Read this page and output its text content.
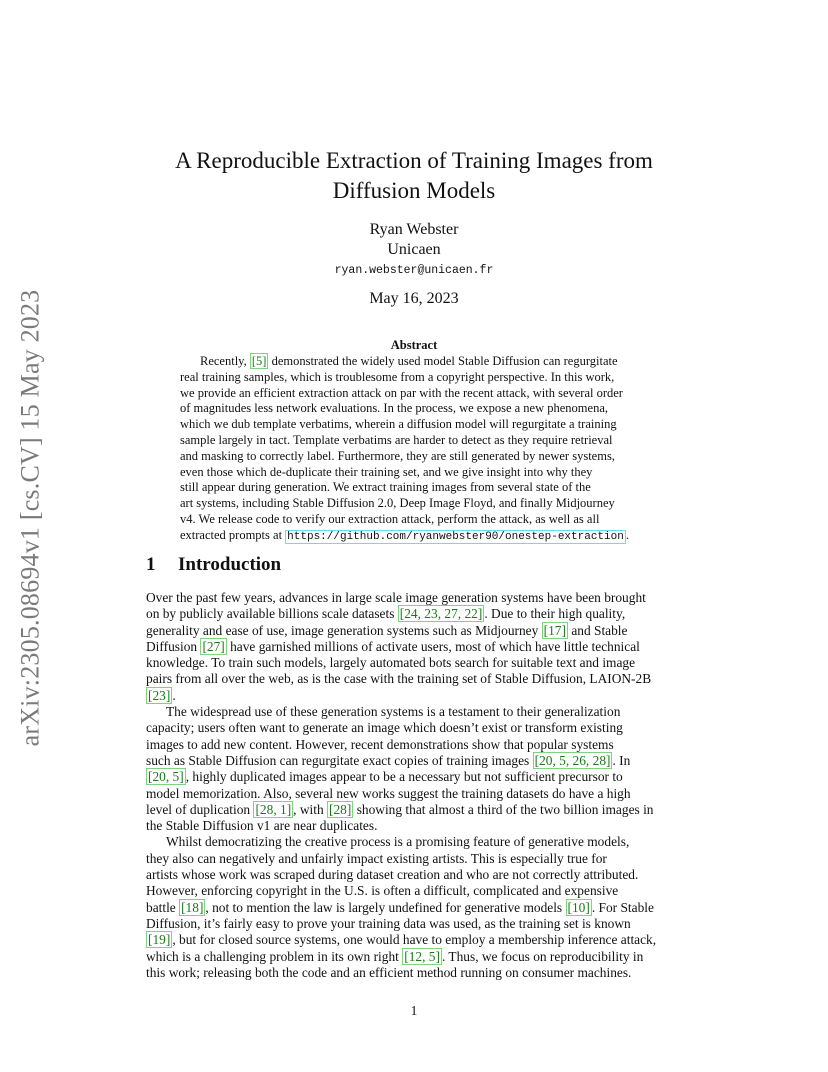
arXiv:2305.08694v1 [cs.CV] 15 May 2023
A Reproducible Extraction of Training Images from
Diffusion Models
Ryan Webster
Unicaen
ryan.webster@unicaen.fr
May 16, 2023
Abstract
Recently, [5] demonstrated the widely used model Stable Diffusion can regurgitate
real training samples, which is troublesome from a copyright perspective. In this work,
we provide an efficient extraction attack on par with the recent attack, with several order
of magnitudes less network evaluations. In the process, we expose a new phenomena,
which we dub template verbatims, wherein a diffusion model will regurgitate a training
sample largely in tact. Template verbatims are harder to detect as they require retrieval
and masking to correctly label. Furthermore, they are still generated by newer systems,
even those which de-duplicate their training set, and we give insight into why they
still appear during generation. We extract training images from several state of the
art systems, including Stable Diffusion 2.0, Deep Image Floyd, and finally Midjourney
v4. We release code to verify our extraction attack, perform the attack, as well as all
extracted prompts at https://github.com/ryanwebster90/onestep-extraction .
1 Introduction
Over the past few years, advances in large scale image generation systems have been brought
on by publicly available billions scale datasets [24, 23, 27, 22] . Due to their high quality,
generality and ease of use, image generation systems such as Midjourney [17] and Stable
Diffusion [27] have garnished millions of activate users, most of which have little technical
knowledge. To train such models, largely automated bots search for suitable text and image
pairs from all over the web, as is the case with the training set of Stable Diffusion, LAION-2B
[23] .
The widespread use of these generation systems is a testament to their generalization
capacity; users often want to generate an image which doesn’t exist or transform existing
images to add new content. However, recent demonstrations show that popular systems
such as Stable Diffusion can regurgitate exact copies of training images [20, 5, 26, 28] . In
[20, 5] , highly duplicated images appear to be a necessary but not sufficient precursor to
model memorization. Also, several new works suggest the training datasets do have a high
level of duplication [28, 1] , with [28] showing that almost a third of the two billion images in
the Stable Diffusion v1 are near duplicates.
Whilst democratizing the creative process is a promising feature of generative models,
they also can negatively and unfairly impact existing artists. This is especially true for
artists whose work was scraped during dataset creation and who are not correctly attributed.
However, enforcing copyright in the U.S. is often a difficult, complicated and expensive
battle [18] , not to mention the law is largely undefined for generative models [10] . For Stable
Diffusion, it’s fairly easy to prove your training data was used, as the training set is known
[19] , but for closed source systems, one would have to employ a membership inference attack,
which is a challenging problem in its own right [12, 5] . Thus, we focus on reproducibility in
this work; releasing both the code and an efficient method running on consumer machines.
1
